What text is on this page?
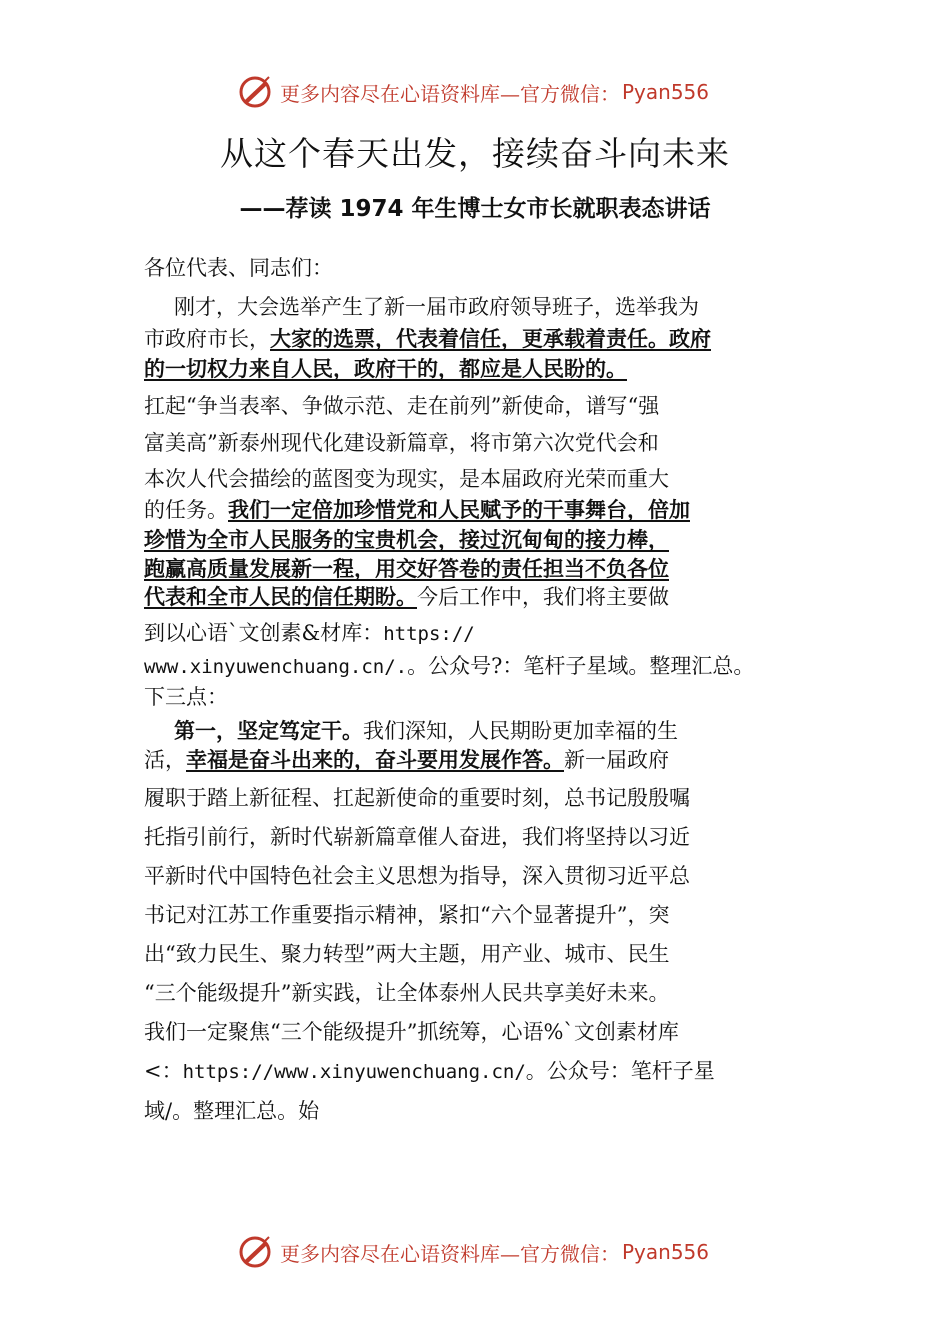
更多内容尽在心语资料库—官方微信： Pyan556
从这个春天出发，接续奋斗向未来
——荐读 1974 年生博士女市长就职表态讲话
各位代表、同志们：
刚才，大会选举产生了新一届市政府领导班子，选举我为
市政府市长，大家的选票，代表着信任，更承载着责任。政府
的一切权力来自人民，政府干的，都应是人民盼的。
扛起“争当表率、争做示范、走在前列”新使命，谱写“强
富美高”新泰州现代化建设新篇章，将市第六次党代会和
本次人代会描绘的蓝图变为现实，是本届政府光荣而重大
的任务。我们一定倍加珍惜党和人民赋予的干事舞台，倍加
珍惜为全市人民服务的宝贵机会，接过沉甸甸的接力棒，
跑赢高质量发展新一程，用交好答卷的责任担当不负各位
代表和全市人民的信任期盼。今后工作中，我们将主要做
到以心语`文创素&材库：https://
www.xinyuwenchuang.cn/.。公众号?：笔杆子星域。整理汇总。
下三点：
第一，坚定笃定干。我们深知，人民期盼更加幸福的生
活，幸福是奋斗出来的，奋斗要用发展作答。新一届政府
履职于踏上新征程、扛起新使命的重要时刻，总书记殷殷嘱
托指引前行，新时代崭新篇章催人奋进，我们将坚持以习近
平新时代中国特色社会主义思想为指导，深入贯彻习近平总
书记对江苏工作重要指示精神，紧扣“六个显著提升”，突
出“致力民生、聚力转型”两大主题，用产业、城市、民生
“三个能级提升”新实践，让全体泰州人民共享美好未来。
我们一定聚焦“三个能级提升”抓统筹，心语%`文创素材库
<：https://www.xinyuwenchuang.cn/。公众号：笔杆子星
域/。整理汇总。始
更多内容尽在心语资料库—官方微信： Pyan556
